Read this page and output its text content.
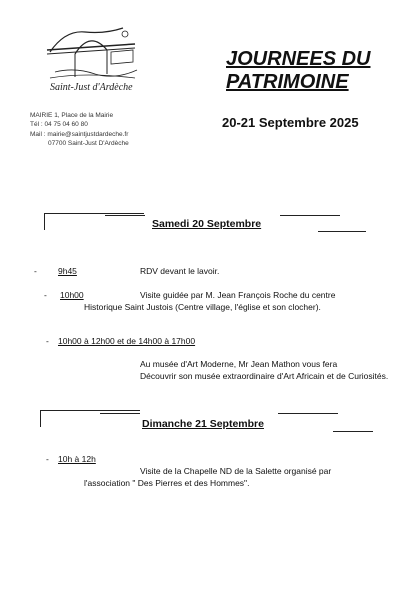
Saint-Just d'Ardèche
MAIRIE 1, Place de la Mairie
Tél : 04 75 04 60 80
Mail : mairie@saintjustdardeche.fr
07700 Saint-Just D'Ardèche
JOURNEES DU
PATRIMOINE
20-21 Septembre 2025
Samedi 20 Septembre
- 9h45	RDV devant le lavoir.
- 10h00	Visite guidée par M. Jean François Roche du centre
Historique Saint Justois (Centre village, l'église et son clocher).
- 10h00 à 12h00 et de 14h00 à 17h00
Au musée d'Art Moderne, Mr Jean Mathon vous fera
Découvrir son musée extraordinaire d'Art Africain et de Curiosités.
Dimanche 21 Septembre
- 10h à 12h
Visite de la Chapelle ND de la Salette organisé par
l'association " Des Pierres et des Hommes".
